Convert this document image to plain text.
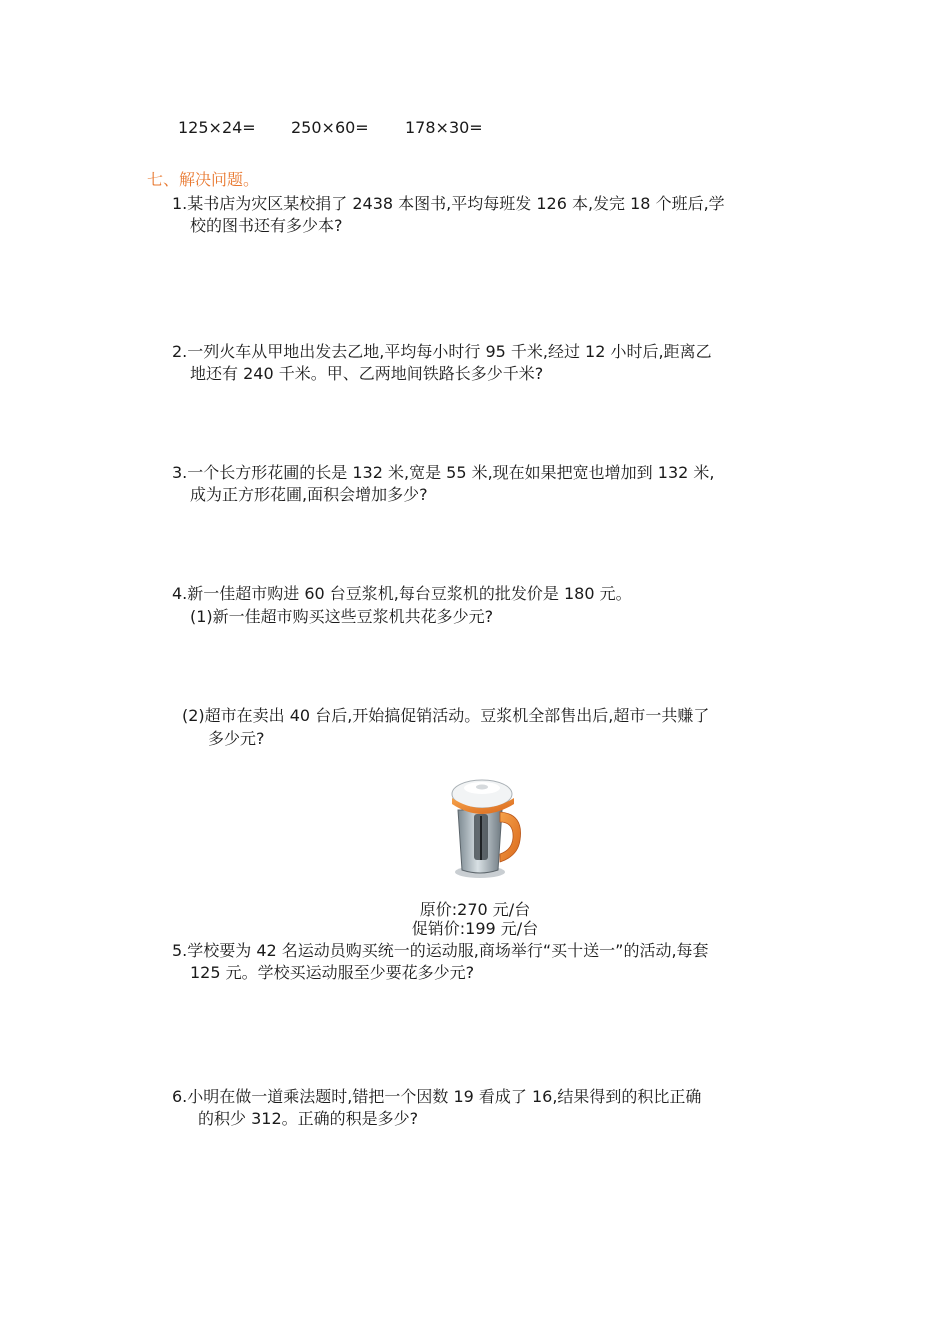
125×24= 250×60= 178×30=
七、解决问题。
1.某书店为灾区某校捐了 2438 本图书,平均每班发 126 本,发完 18 个班后,学
校的图书还有多少本?
2.一列火车从甲地出发去乙地,平均每小时行 95 千米,经过 12 小时后,距离乙
地还有 240 千米。甲、乙两地间铁路长多少千米?
3.一个长方形花圃的长是 132 米,宽是 55 米,现在如果把宽也增加到 132 米,
成为正方形花圃,面积会增加多少?
4.新一佳超市购进 60 台豆浆机,每台豆浆机的批发价是 180 元。
(1)新一佳超市购买这些豆浆机共花多少元?
(2)超市在卖出 40 台后,开始搞促销活动。豆浆机全部售出后,超市一共赚了
多少元?
原价:270 元/台
促销价:199 元/台
5.学校要为 42 名运动员购买统一的运动服,商场举行“买十送一”的活动,每套
125 元。学校买运动服至少要花多少元?
6.小明在做一道乘法题时,错把一个因数 19 看成了 16,结果得到的积比正确
的积少 312。正确的积是多少?
